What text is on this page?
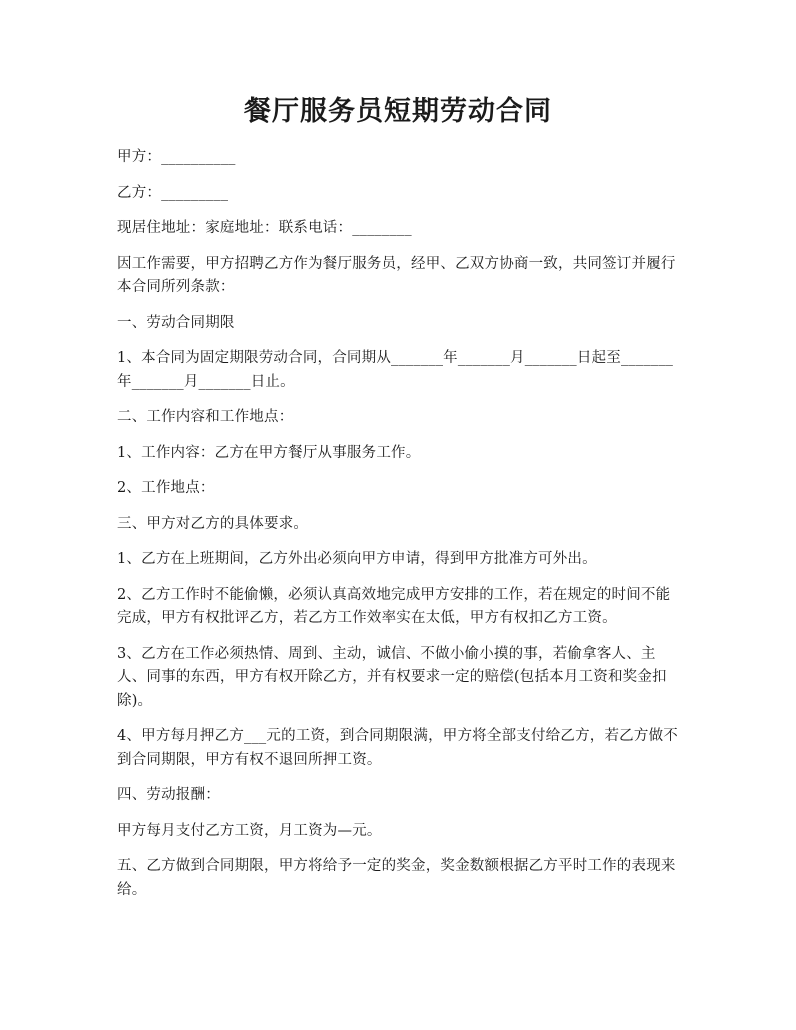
餐厅服务员短期劳动合同

甲方：__________

乙方：_________

现居住地址：家庭地址：联系电话：________

因工作需要，甲方招聘乙方作为餐厅服务员，经甲、乙双方协商一致，共同签订并履行本合同所列条款：

一、劳动合同期限

1、本合同为固定期限劳动合同，合同期从_______年_______月_______日起至_______年_______月_______日止。

二、工作内容和工作地点：

1、工作内容：乙方在甲方餐厅从事服务工作。

2、工作地点：

三、甲方对乙方的具体要求。

1、乙方在上班期间，乙方外出必须向甲方申请，得到甲方批准方可外出。

2、乙方工作时不能偷懒，必须认真高效地完成甲方安排的工作，若在规定的时间不能完成，甲方有权批评乙方，若乙方工作效率实在太低，甲方有权扣乙方工资。

3、乙方在工作必须热情、周到、主动，诚信、不做小偷小摸的事，若偷拿客人、主人、同事的东西，甲方有权开除乙方，并有权要求一定的赔偿(包括本月工资和奖金扣除)。

4、甲方每月押乙方___元的工资，到合同期限满，甲方将全部支付给乙方，若乙方做不到合同期限，甲方有权不退回所押工资。

四、劳动报酬：

甲方每月支付乙方工资，月工资为—元。

五、乙方做到合同期限，甲方将给予一定的奖金，奖金数额根据乙方平时工作的表现来给。
